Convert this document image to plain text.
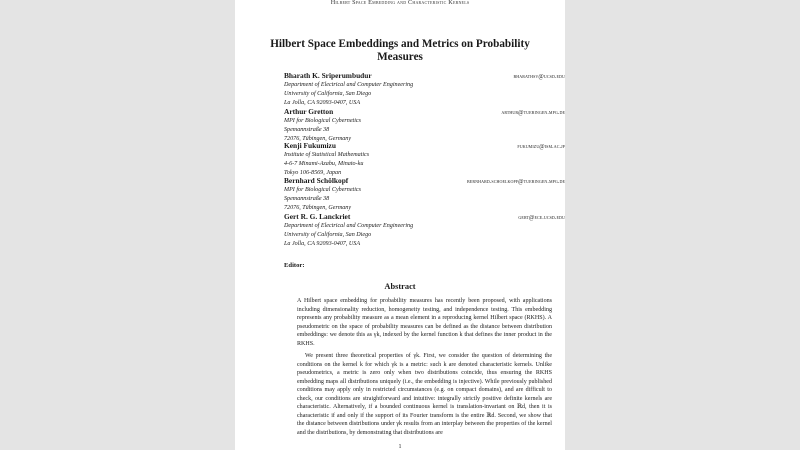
Hilbert Space Embedding and Characteristic Kernels
Hilbert Space Embeddings and Metrics on Probability Measures
Bharath K. Sriperumbudur	bharathsv@ucsd.edu
Department of Electrical and Computer Engineering
University of California, San Diego
La Jolla, CA 92093-0407, USA
Arthur Gretton	arthur@tuebingen.mpg.de
MPI for Biological Cybernetics
Spemannstraße 38
72076, Tübingen, Germany
Kenji Fukumizu	fukumizu@ism.ac.jp
Institute of Statistical Mathematics
4-6-7 Minami-Azabu, Minato-ku
Tokyo 106-8569, Japan
Bernhard Schölkopf	bernhard.schoelkopf@tuebingen.mpg.de
MPI for Biological Cybernetics
Spemannstraße 38
72076, Tübingen, Germany
Gert R. G. Lanckriet	gert@ece.ucsd.edu
Department of Electrical and Computer Engineering
University of California, San Diego
La Jolla, CA 92093-0407, USA
Editor:
Abstract

A Hilbert space embedding for probability measures has recently been proposed, with applications including dimensionality reduction, homogeneity testing, and independence testing. This embedding represents any probability measure as a mean element in a reproducing kernel Hilbert space (RKHS). A pseudometric on the space of probability measures can be defined as the distance between distribution embeddings: we denote this as γk, indexed by the kernel function k that defines the inner product in the RKHS.

We present three theoretical properties of γk. First, we consider the question of determining the conditions on the kernel k for which γk is a metric: such k are denoted characteristic kernels. Unlike pseudometrics, a metric is zero only when two distributions coincide, thus ensuring the RKHS embedding maps all distributions uniquely (i.e., the embedding is injective). While previously published conditions may apply only in restricted circumstances (e.g. on compact domains), and are difficult to check, our conditions are straightforward and intuitive: integrally strictly positive definite kernels are characteristic. Alternatively, if a bounded continuous kernel is translation-invariant on ℝd, then it is characteristic if and only if the support of its Fourier transform is the entire ℝd. Second, we show that the distance between distributions under γk results from an interplay between the properties of the kernel and the distributions, by demonstrating that distributions are

1
